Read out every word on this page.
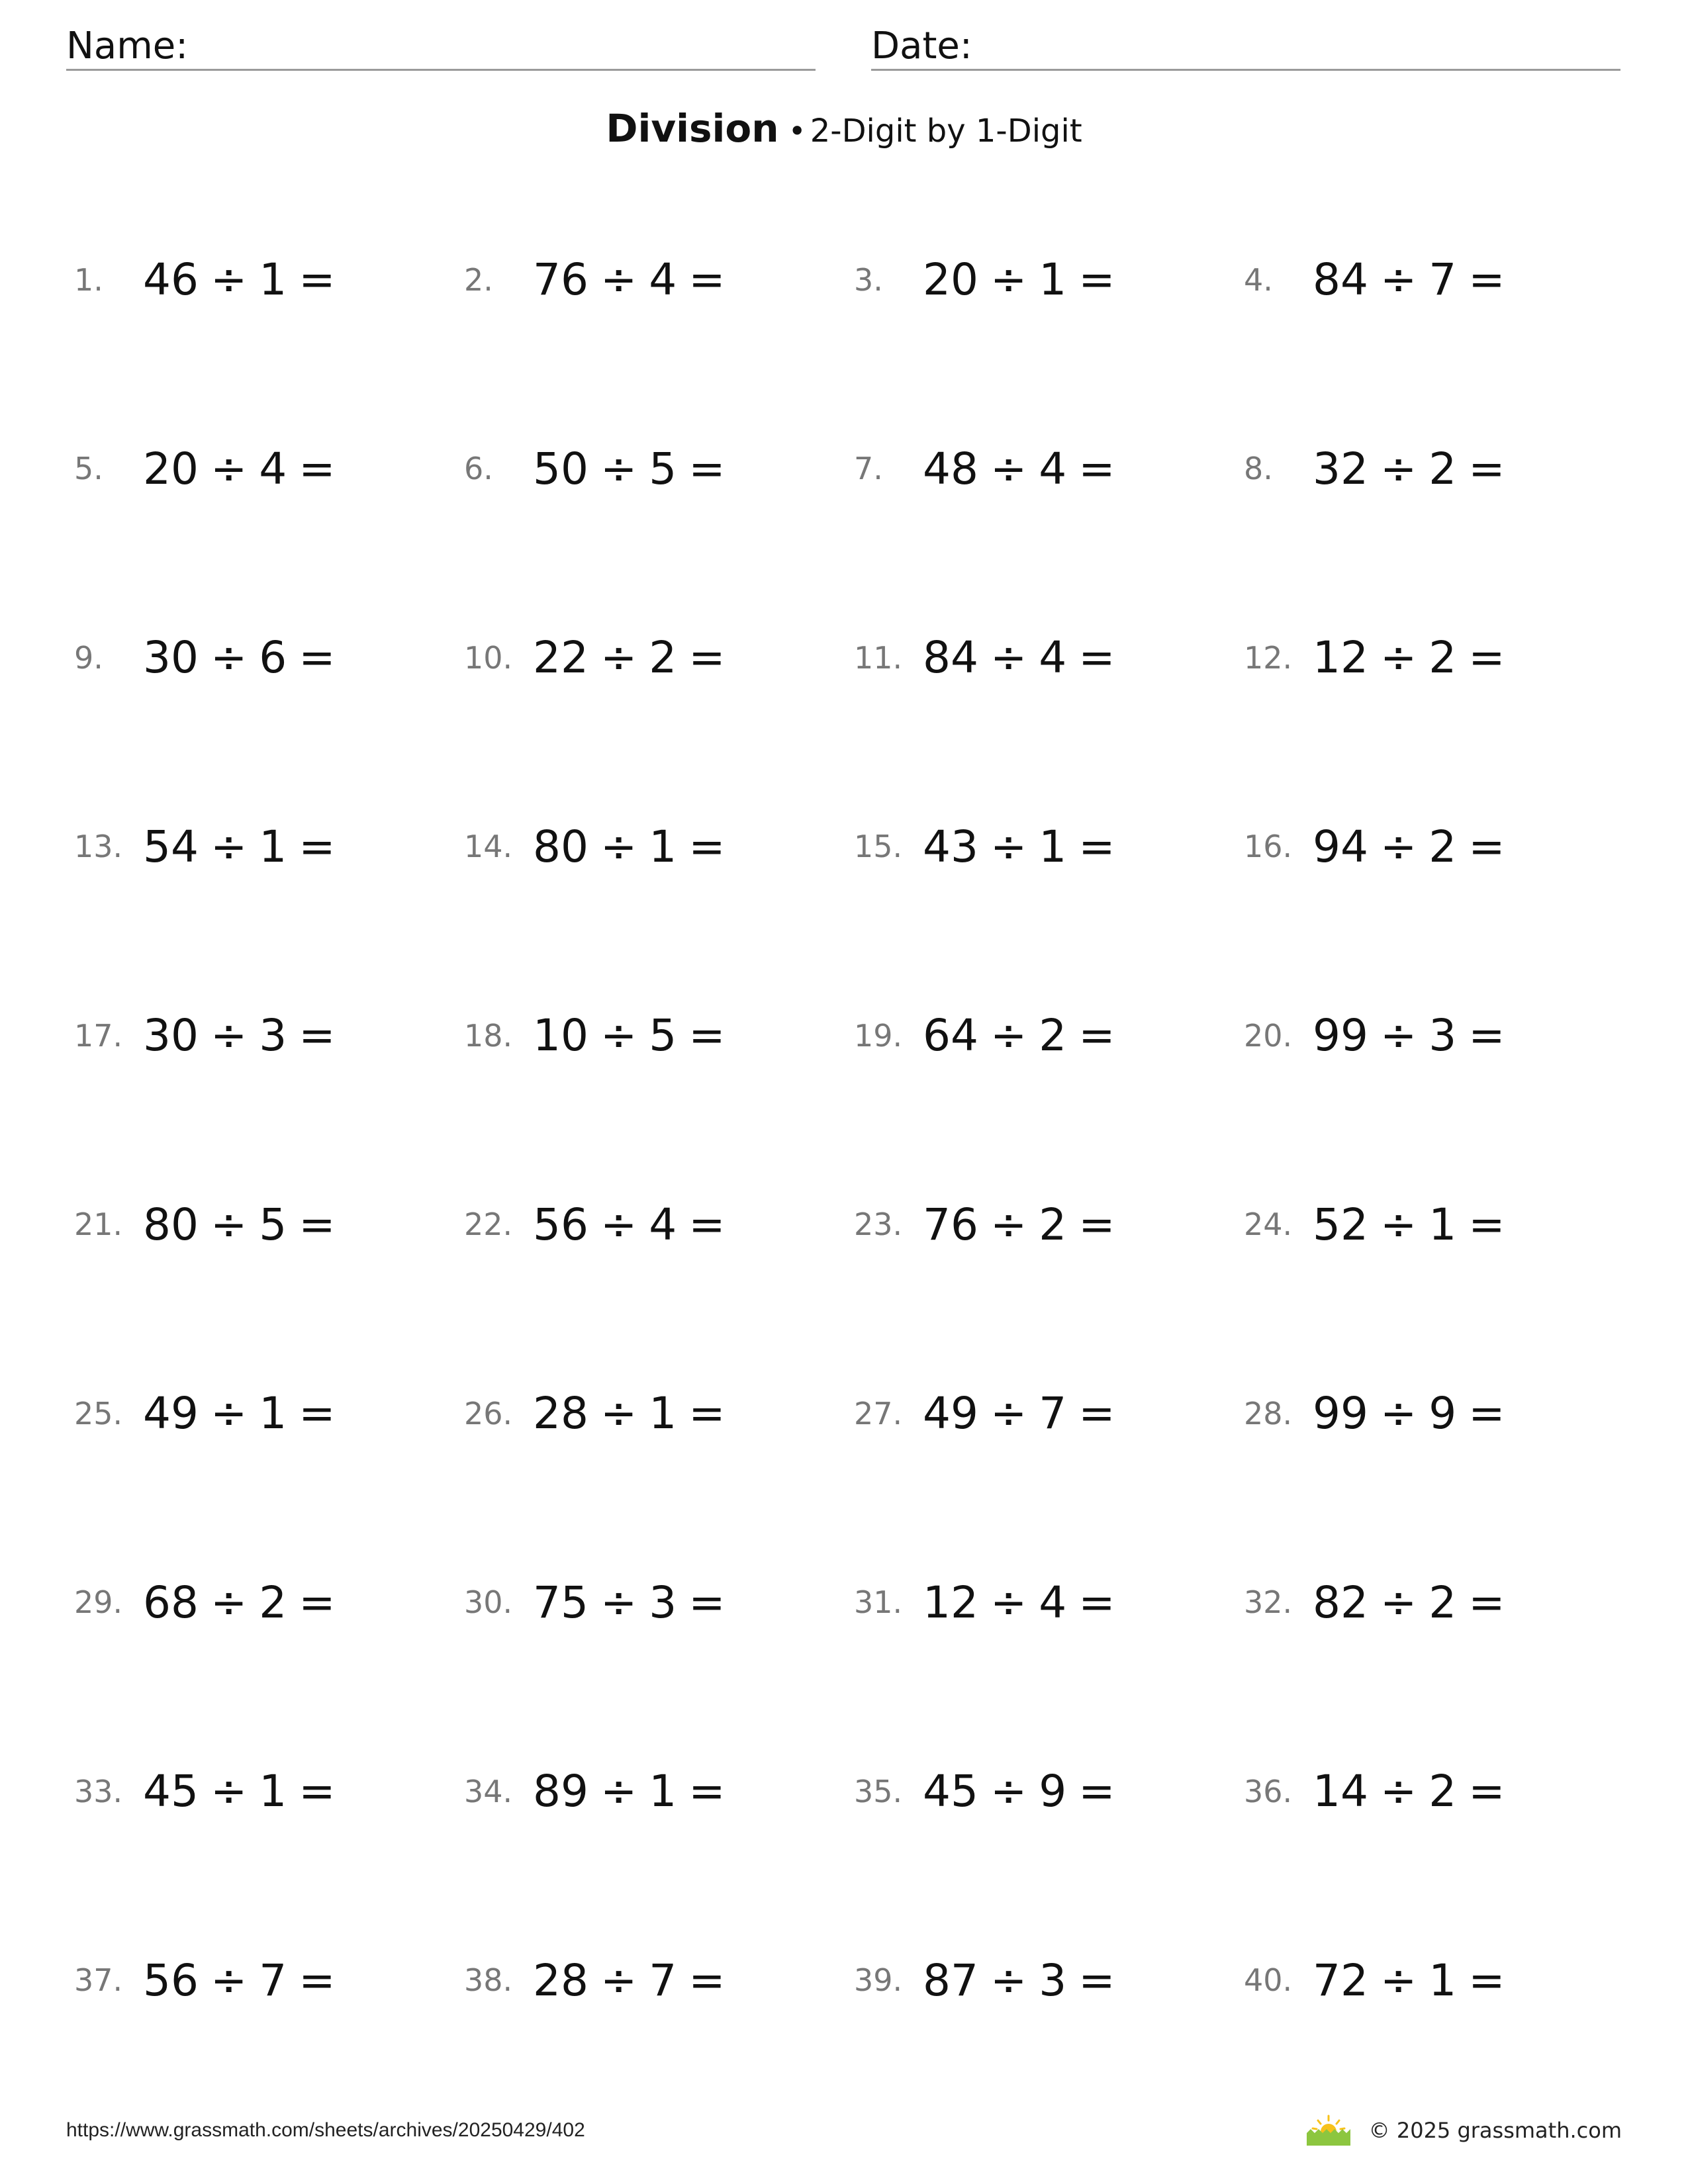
Name:	Date:
Division • 2-Digit by 1-Digit
1. 46 ÷ 1 =	2. 76 ÷ 4 =	3. 20 ÷ 1 =	4. 84 ÷ 7 =
5. 20 ÷ 4 =	6. 50 ÷ 5 =	7. 48 ÷ 4 =	8. 32 ÷ 2 =
9. 30 ÷ 6 =	10. 22 ÷ 2 =	11. 84 ÷ 4 =	12. 12 ÷ 2 =
13. 54 ÷ 1 =	14. 80 ÷ 1 =	15. 43 ÷ 1 =	16. 94 ÷ 2 =
17. 30 ÷ 3 =	18. 10 ÷ 5 =	19. 64 ÷ 2 =	20. 99 ÷ 3 =
21. 80 ÷ 5 =	22. 56 ÷ 4 =	23. 76 ÷ 2 =	24. 52 ÷ 1 =
25. 49 ÷ 1 =	26. 28 ÷ 1 =	27. 49 ÷ 7 =	28. 99 ÷ 9 =
29. 68 ÷ 2 =	30. 75 ÷ 3 =	31. 12 ÷ 4 =	32. 82 ÷ 2 =
33. 45 ÷ 1 =	34. 89 ÷ 1 =	35. 45 ÷ 9 =	36. 14 ÷ 2 =
37. 56 ÷ 7 =	38. 28 ÷ 7 =	39. 87 ÷ 3 =	40. 72 ÷ 1 =
https://www.grassmath.com/sheets/archives/20250429/402	© 2025 grassmath.com
